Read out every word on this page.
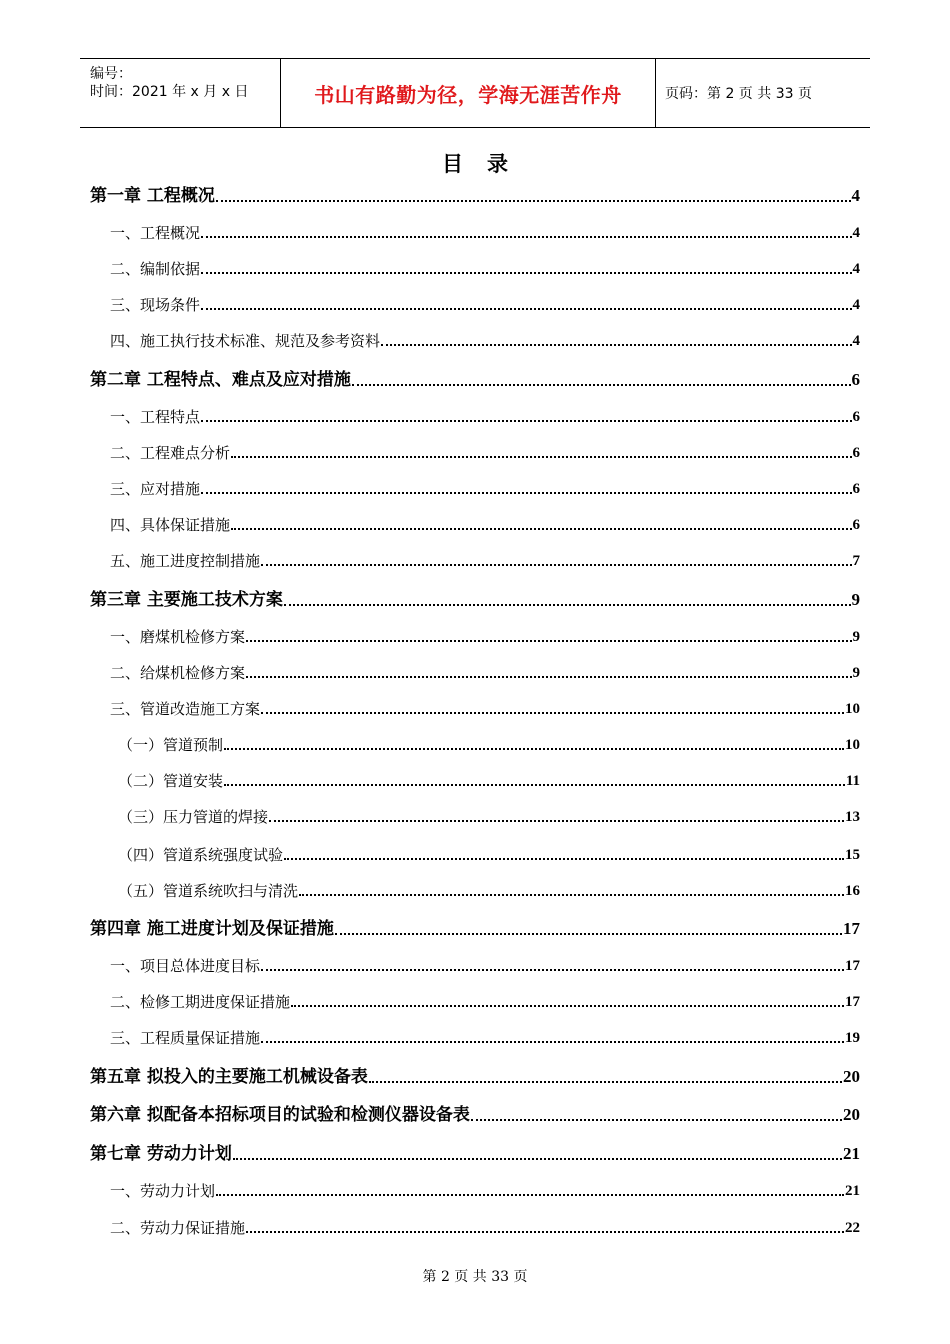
编号：
时间：2021 年 x 月 x 日	书山有路勤为径，学海无涯苦作舟	页码：第 2 页 共 33 页
目录
第一章 工程概况	4
一、工程概况	4
二、编制依据	4
三、现场条件	4
四、施工执行技术标准、规范及参考资料	4
第二章 工程特点、难点及应对措施	6
一、工程特点	6
二、工程难点分析	6
三、应对措施	6
四、具体保证措施	6
五、施工进度控制措施	7
第三章 主要施工技术方案	9
一、磨煤机检修方案	9
二、给煤机检修方案	9
三、管道改造施工方案	10
（一）管道预制	10
（二）管道安装	11
（三）压力管道的焊接	13
（四）管道系统强度试验	15
（五）管道系统吹扫与清洗	16
第四章 施工进度计划及保证措施	17
一、项目总体进度目标	17
二、检修工期进度保证措施	17
三、工程质量保证措施	19
第五章 拟投入的主要施工机械设备表	20
第六章 拟配备本招标项目的试验和检测仪器设备表	20
第七章 劳动力计划	21
一、劳动力计划	21
二、劳动力保证措施	22
第 2 页 共 33 页
